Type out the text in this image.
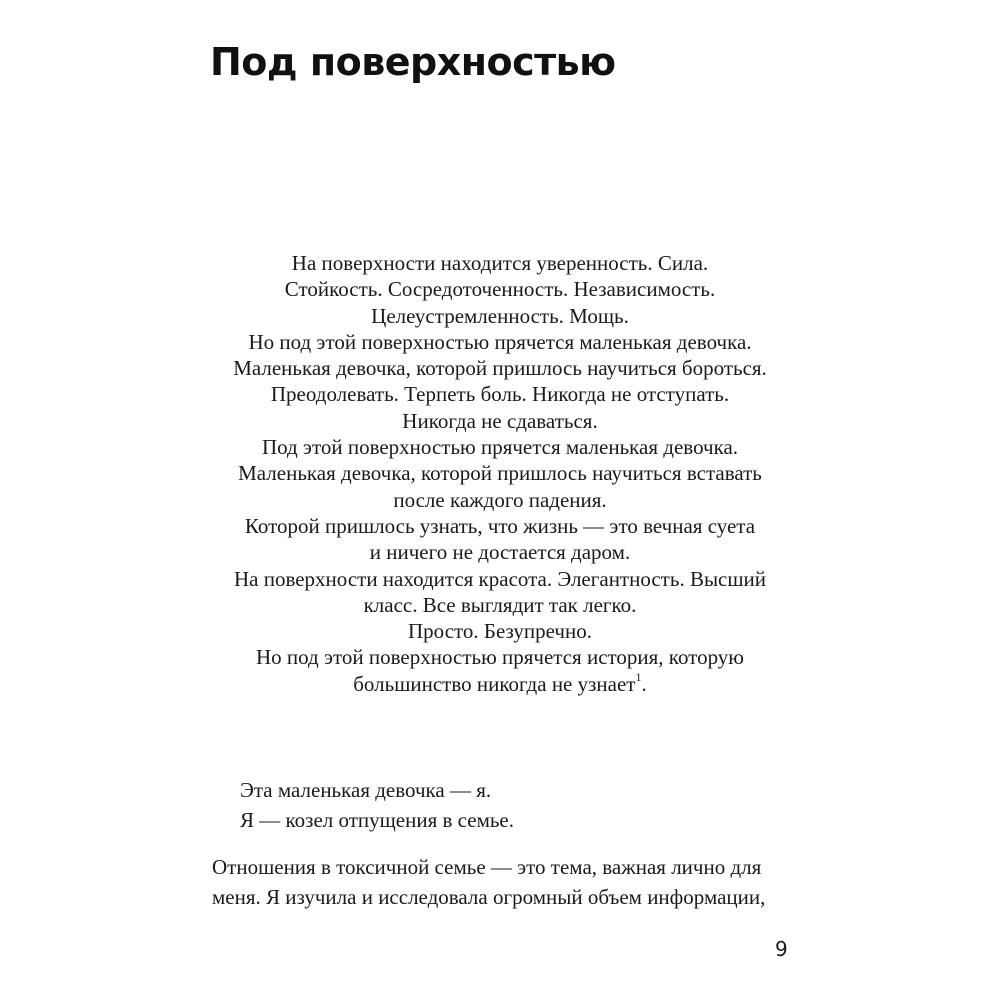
Под поверхностью
На поверхности находится уверенность. Сила.
Стойкость. Сосредоточенность. Независимость.
Целеустремленность. Мощь.
Но под этой поверхностью прячется маленькая девочка.
Маленькая девочка, которой пришлось научиться бороться.
Преодолевать. Терпеть боль. Никогда не отступать.
Никогда не сдаваться.
Под этой поверхностью прячется маленькая девочка.
Маленькая девочка, которой пришлось научиться вставать
после каждого падения.
Которой пришлось узнать, что жизнь — это вечная суета
и ничего не достается даром.
На поверхности находится красота. Элегантность. Высший
класс. Все выглядит так легко.
Просто. Безупречно.
Но под этой поверхностью прячется история, которую
большинство никогда не узнает$^1$.
Эта маленькая девочка — я.
Я — козел отпущения в семье.
Отношения в токсичной семье — это тема, важная лично для
меня. Я изучила и исследовала огромный объем информации,
9
